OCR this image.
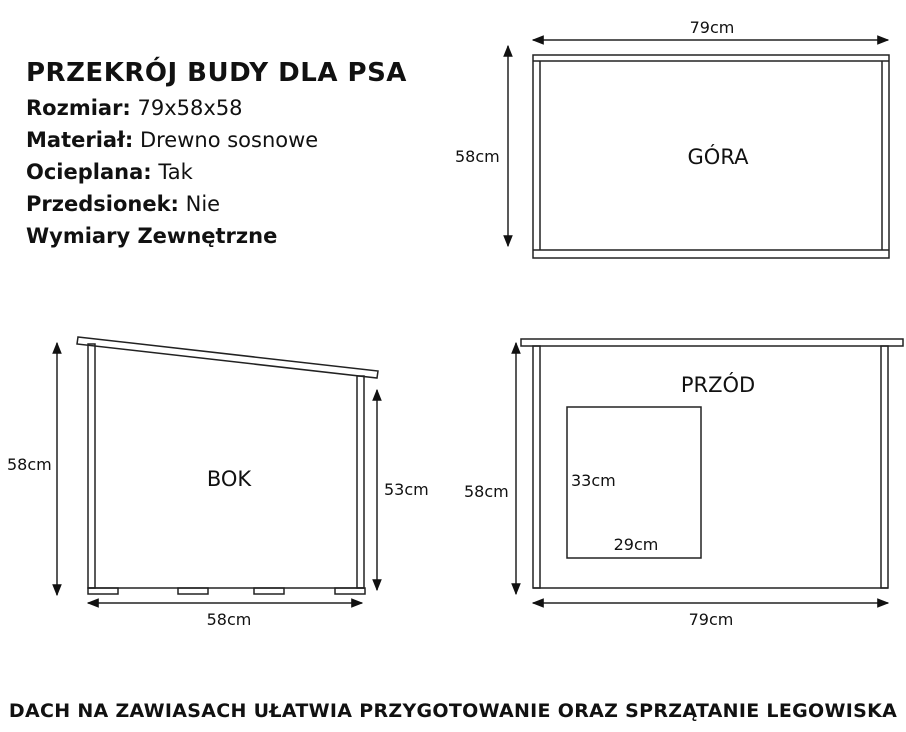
PRZEKRÓJ BUDY DLA PSA
Rozmiar: 79x58x58
Materiał: Drewno sosnowe
Ocieplana: Tak
Przedsionek: Nie
Wymiary Zewnętrzne
79cm
58cm	GÓRA
58cm
53cm
58cm
BOK
58cm
79cm
33cm
29cm
PRZÓD
DACH NA ZAWIASACH UŁATWIA PRZYGOTOWANIE ORAZ SPRZĄTANIE LEGOWISKA
